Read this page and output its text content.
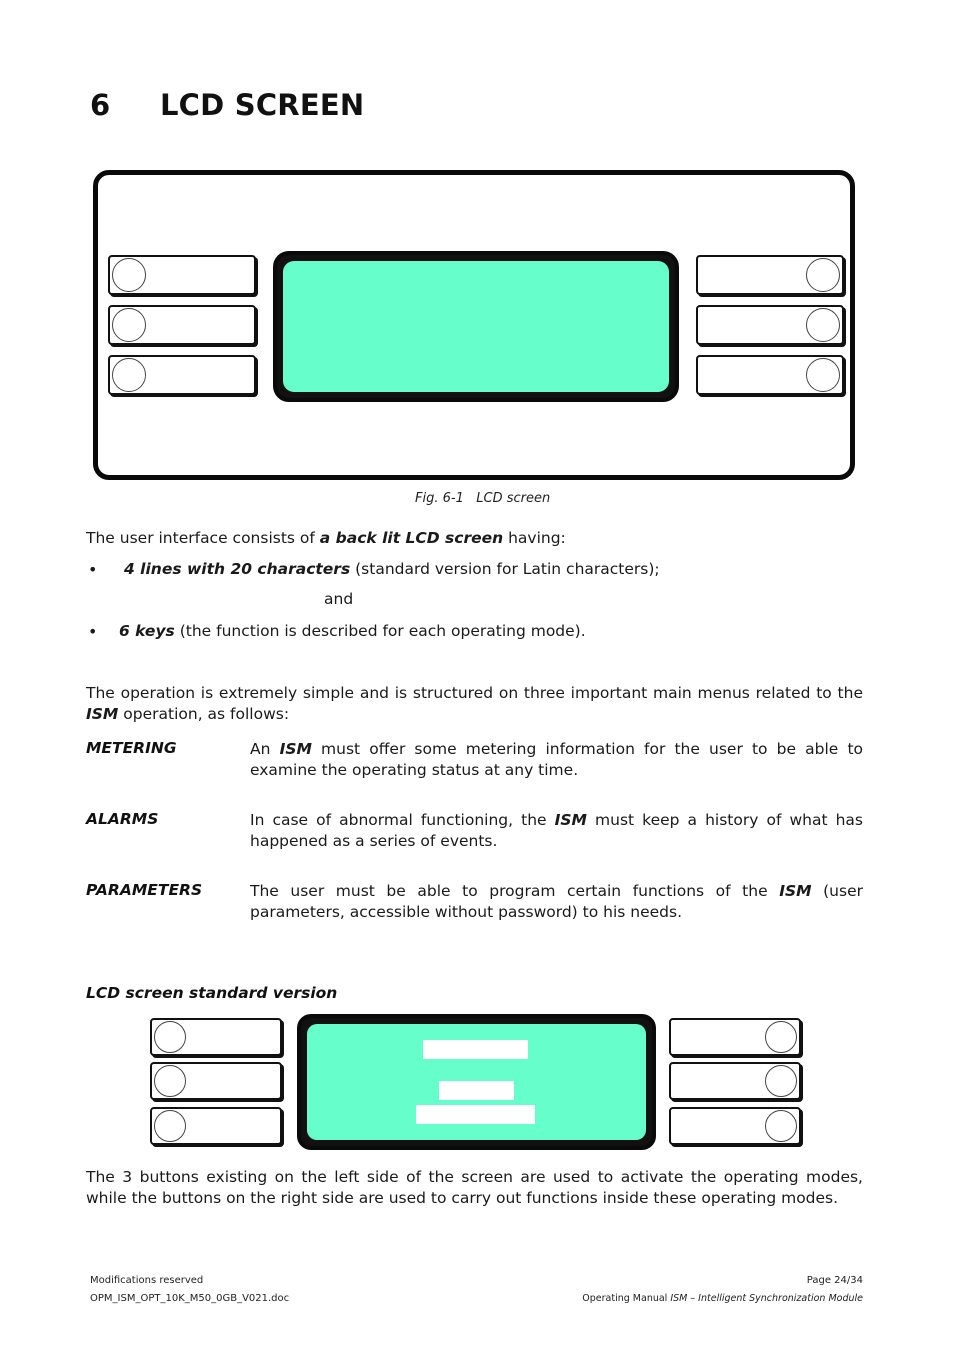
6 LCD SCREEN
Fig. 6-1 LCD screen
The user interface consists of a back lit LCD screen having:
• 4 lines with 20 characters (standard version for Latin characters);
and
• 6 keys (the function is described for each operating mode).
The operation is extremely simple and is structured on three important main menus related to the ISM operation, as follows:
METERING	An ISM must offer some metering information for the user to be able to examine the operating status at any time.
ALARMS	In case of abnormal functioning, the ISM must keep a history of what has happened as a series of events.
PARAMETERS	The user must be able to program certain functions of the ISM (user parameters, accessible without password) to his needs.
LCD screen standard version
The 3 buttons existing on the left side of the screen are used to activate the operating modes, while the buttons on the right side are used to carry out functions inside these operating modes.
Modifications reserved
OPM_ISM_OPT_10K_M50_0GB_V021.doc
Page 24/34
Operating Manual ISM – Intelligent Synchronization Module
